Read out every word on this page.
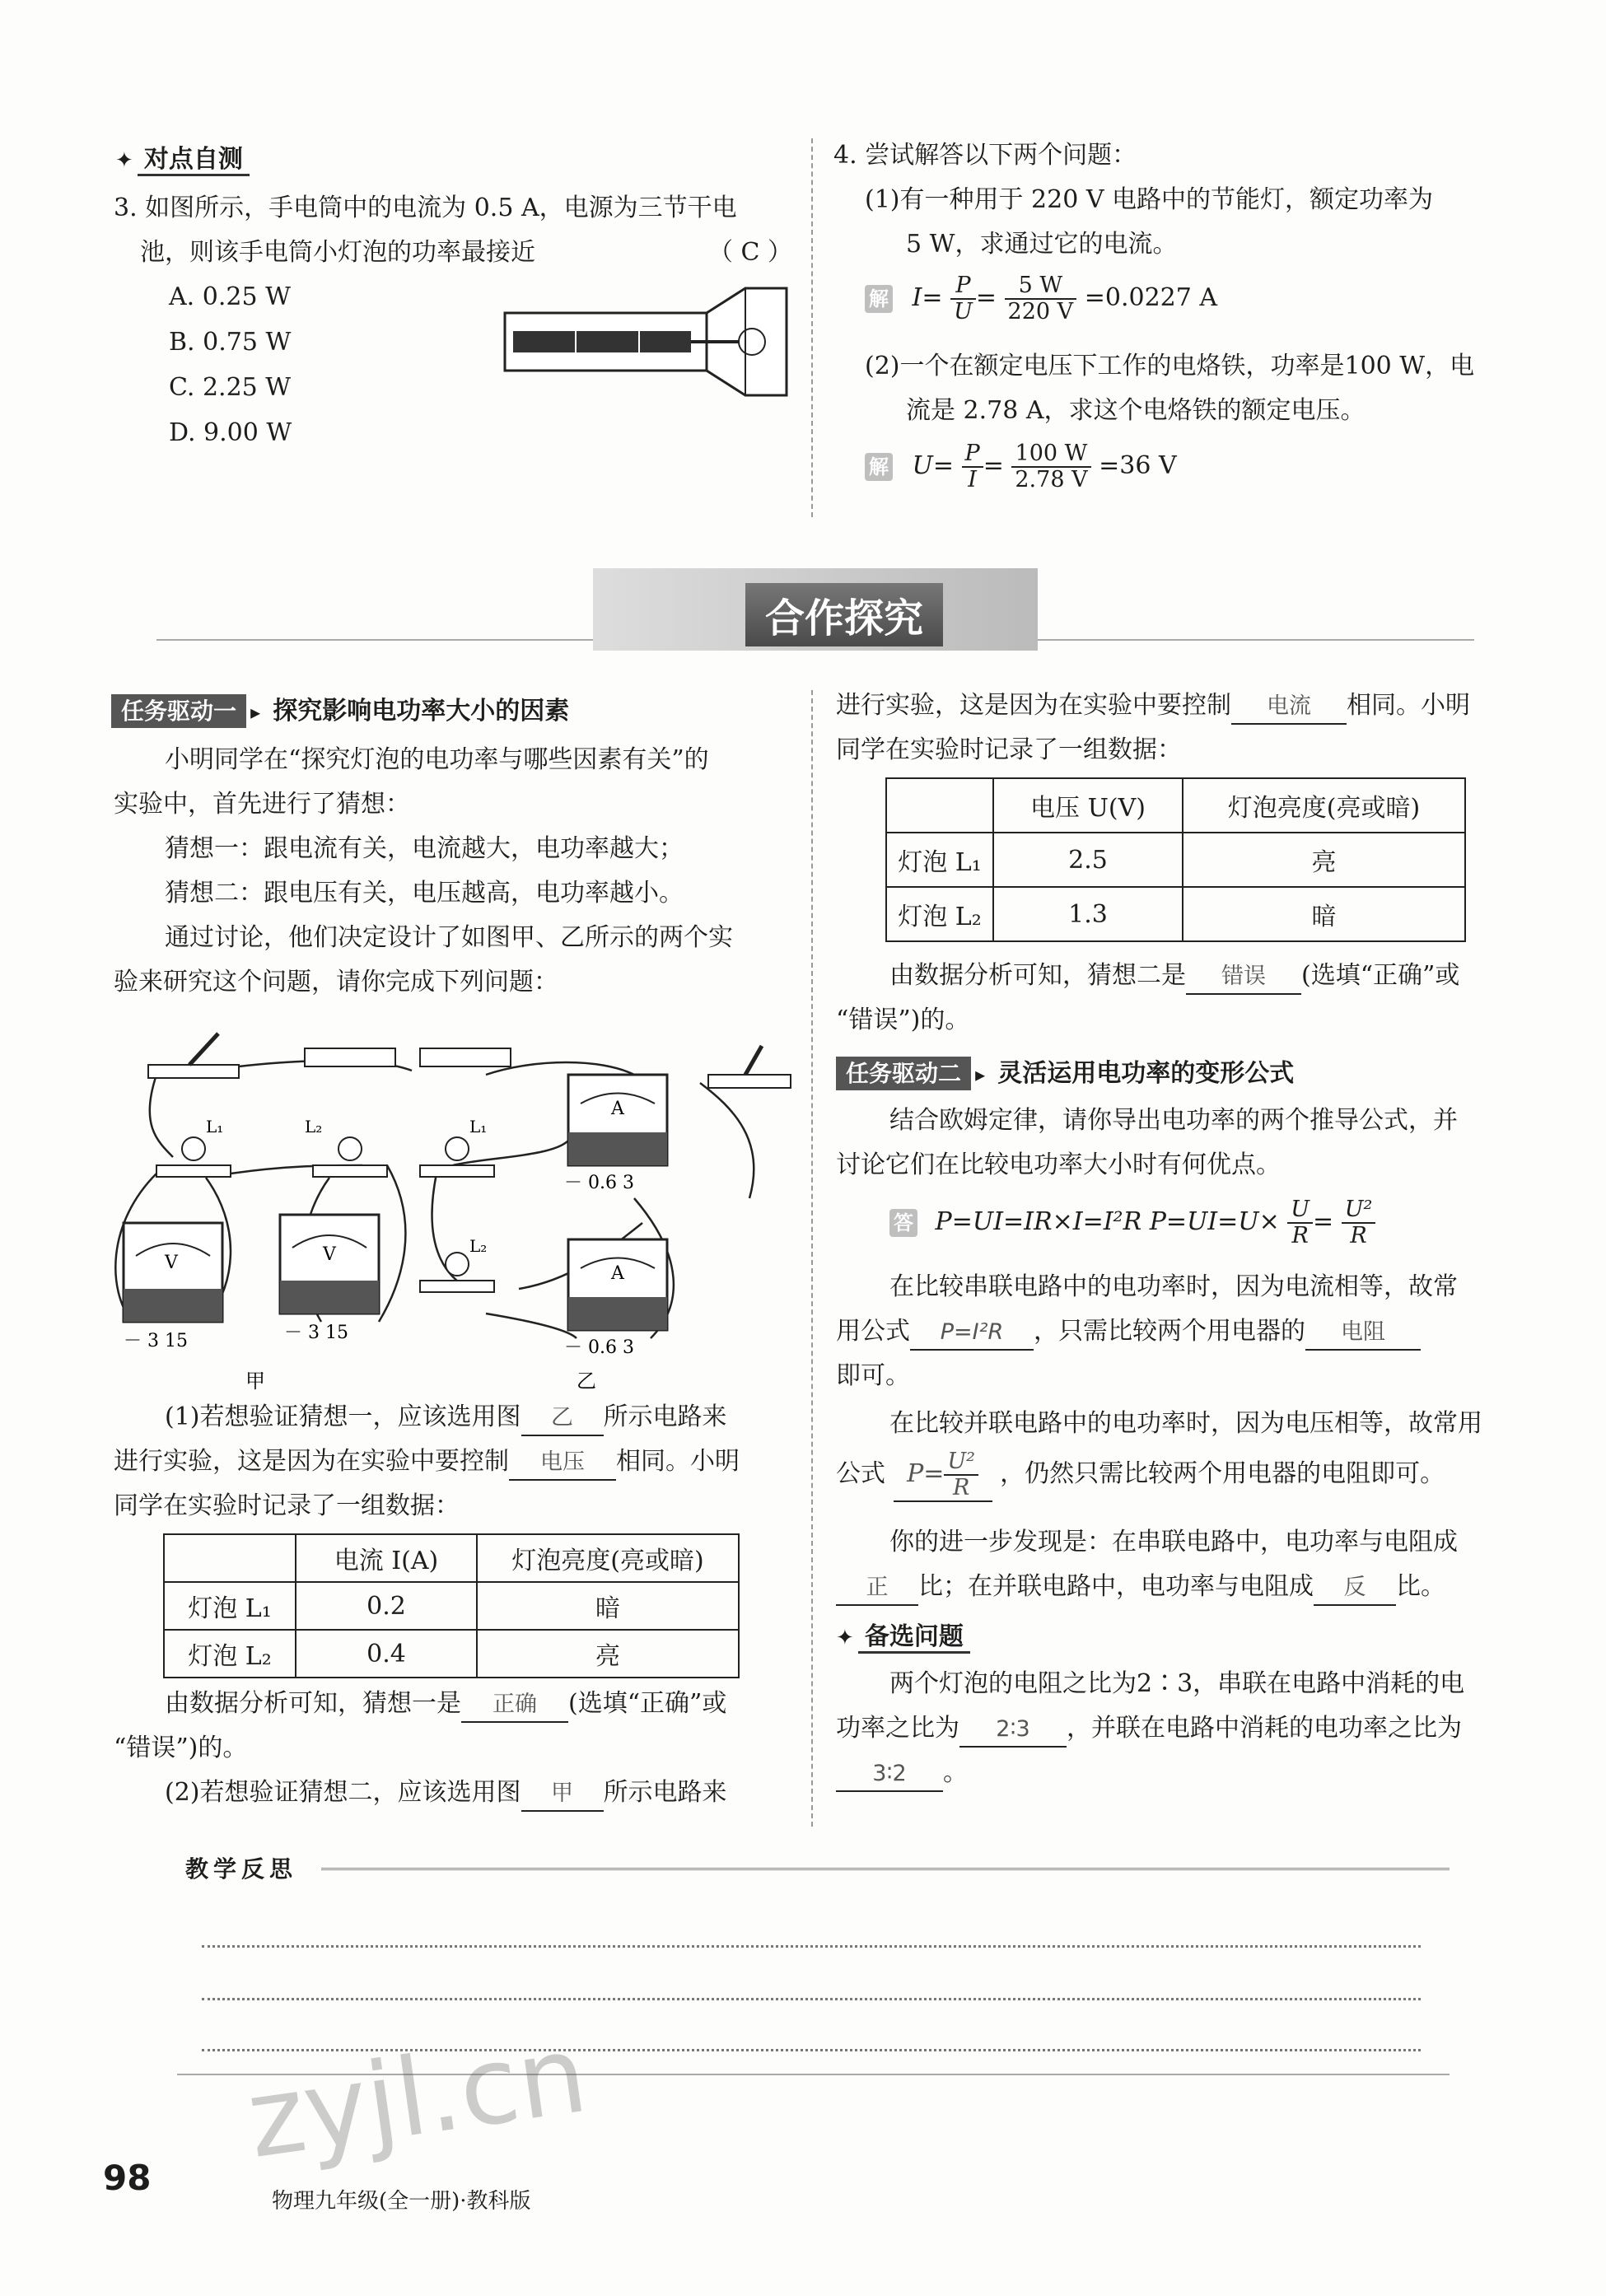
✦ 对点自测
3. 如图所示，手电筒中的电流为 0.5 A，电源为三节干电
池，则该手电筒小灯泡的功率最接近	（ C ）
A. 0.25 W
B. 0.75 W
C. 2.25 W
D. 9.00 W
4. 尝试解答以下两个问题：
(1)有一种用于 220 V 电路中的节能灯，额定功率为
5 W，求通过它的电流。
解 $I= \frac{P}{U} = \frac{5 W}{220 V} =0.0227$ A
(2)一个在额定电压下工作的电烙铁，功率是100 W，电
流是 2.78 A，求这个电烙铁的额定电压。
解 $U= \frac{P}{I} = \frac{100 W}{2.78 V} =36$ V
合作探究
任务驱动一 ▸ 探究影响电功率大小的因素
小明同学在“探究灯泡的电功率与哪些因素有关”的
实验中，首先进行了猜想：
猜想一：跟电流有关，电流越大，电功率越大；
猜想二：跟电压有关，电压越高，电功率越小。
通过讨论，他们决定设计了如图甲、乙所示的两个实
验来研究这个问题，请你完成下列问题：
L₁	L₂	L₁
L₂
V
－ 3 15
V
－ 3 15
A
－ 0.6 3
A
－ 0.6 3
甲	乙
(1)若想验证猜想一，应该选用图 乙 所示电路来
进行实验，这是因为在实验中要控制 电压 相同。小明
同学在实验时记录了一组数据：
	电流 I(A)	灯泡亮度(亮或暗)
灯泡 L₁	0.2	暗
灯泡 L₂	0.4	亮
由数据分析可知，猜想一是 正确 (选填“正确”或
“错误”)的。
(2)若想验证猜想二，应该选用图 甲 所示电路来
进行实验，这是因为在实验中要控制 电流 相同。小明
同学在实验时记录了一组数据：
	电压 U(V)	灯泡亮度(亮或暗)
灯泡 L₁	2.5	亮
灯泡 L₂	1.3	暗
由数据分析可知，猜想二是 错误 (选填“正确”或
“错误”)的。
任务驱动二 ▸ 灵活运用电功率的变形公式
结合欧姆定律，请你导出电功率的两个推导公式，并
讨论它们在比较电功率大小时有何优点。
答 P=UI=IR×I=I²R $P=UI=U\times \frac{U}{R} = \frac{\text{U²}}{R}$
在比较串联电路中的电功率时，因为电流相等，故常
用公式 P=I²R ，只需比较两个用电器的 电阻
即可。
在比较并联电路中的电功率时，因为电压相等，故常用
公式 $P= \frac{\text{U²}}{R}$ ，仍然只需比较两个用电器的电阻即可。
你的进一步发现是：在串联电路中，电功率与电阻成
正 比；在并联电路中，电功率与电阻成 反 比。
✦ 备选问题
两个灯泡的电阻之比为2∶3，串联在电路中消耗的电
功率之比为 2∶3 ，并联在电路中消耗的电功率之比为
3∶2 。
教学反思
zyjl.cn
98
物理九年级(全一册)·教科版
